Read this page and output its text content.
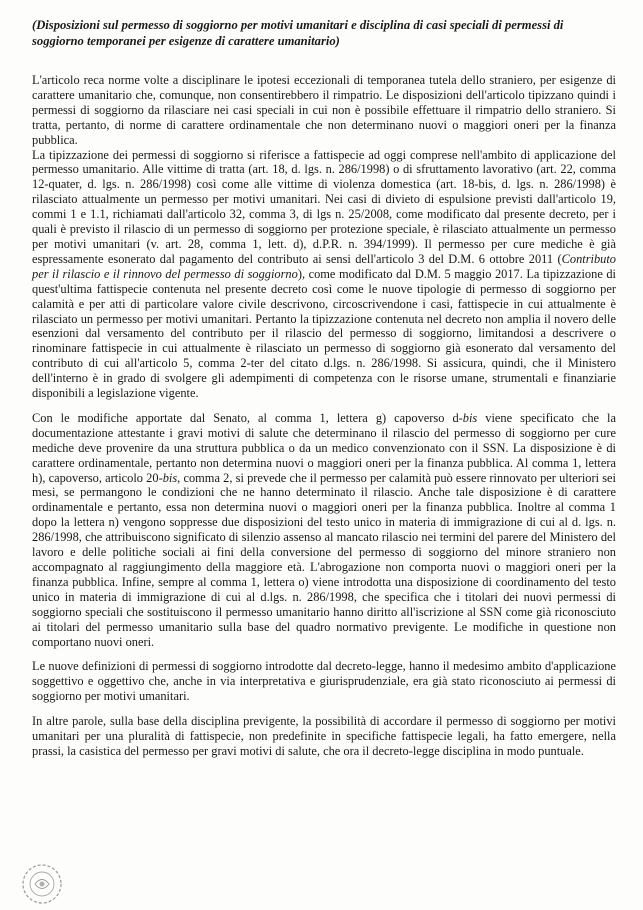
(Disposizioni sul permesso di soggiorno per motivi umanitari e disciplina di casi speciali di permessi di soggiorno temporanei per esigenze di carattere umanitario)

L'articolo reca norme volte a disciplinare le ipotesi eccezionali di temporanea tutela dello straniero, per esigenze di carattere umanitario che, comunque, non consentirebbero il rimpatrio. Le disposizioni dell'articolo tipizzano quindi i permessi di soggiorno da rilasciare nei casi speciali in cui non è possibile effettuare il rimpatrio dello straniero. Si tratta, pertanto, di norme di carattere ordinamentale che non determinano nuovi o maggiori oneri per la finanza pubblica.

La tipizzazione dei permessi di soggiorno si riferisce a fattispecie ad oggi comprese nell'ambito di applicazione del permesso umanitario. Alle vittime di tratta (art. 18, d. lgs. n. 286/1998) o di sfruttamento lavorativo (art. 22, comma 12-quater, d. lgs. n. 286/1998) così come alle vittime di violenza domestica (art. 18-bis, d. lgs. n. 286/1998) è rilasciato attualmente un permesso per motivi umanitari. Nei casi di divieto di espulsione previsti dall'articolo 19, commi 1 e 1.1, richiamati dall'articolo 32, comma 3, di lgs n. 25/2008, come modificato dal presente decreto, per i quali è previsto il rilascio di un permesso di soggiorno per protezione speciale, è rilasciato attualmente un permesso per motivi umanitari (v. art. 28, comma 1, lett. d), d.P.R. n. 394/1999). Il permesso per cure mediche è già espressamente esonerato dal pagamento del contributo ai sensi dell'articolo 3 del D.M. 6 ottobre 2011 (Contributo per il rilascio e il rinnovo del permesso di soggiorno), come modificato dal D.M. 5 maggio 2017. La tipizzazione di quest'ultima fattispecie contenuta nel presente decreto così come le nuove tipologie di permesso di soggiorno per calamità e per atti di particolare valore civile descrivono, circoscrivendone i casi, fattispecie in cui attualmente è rilasciato un permesso per motivi umanitari. Pertanto la tipizzazione contenuta nel decreto non amplia il novero delle esenzioni dal versamento del contributo per il rilascio del permesso di soggiorno, limitandosi a descrivere o rinominare fattispecie in cui attualmente è rilasciato un permesso di soggiorno già esonerato dal versamento del contributo di cui all'articolo 5, comma 2-ter del citato d.lgs. n. 286/1998. Si assicura, quindi, che il Ministero dell'interno è in grado di svolgere gli adempimenti di competenza con le risorse umane, strumentali e finanziarie disponibili a legislazione vigente.

Con le modifiche apportate dal Senato, al comma 1, lettera g) capoverso d-bis viene specificato che la documentazione attestante i gravi motivi di salute che determinano il rilascio del permesso di soggiorno per cure mediche deve provenire da una struttura pubblica o da un medico convenzionato con il SSN. La disposizione è di carattere ordinamentale, pertanto non determina nuovi o maggiori oneri per la finanza pubblica. Al comma 1, lettera h), capoverso, articolo 20-bis, comma 2, si prevede che il permesso per calamità può essere rinnovato per ulteriori sei mesi, se permangono le condizioni che ne hanno determinato il rilascio. Anche tale disposizione è di carattere ordinamentale e pertanto, essa non determina nuovi o maggiori oneri per la finanza pubblica. Inoltre al comma 1 dopo la lettera n) vengono soppresse due disposizioni del testo unico in materia di immigrazione di cui al d. lgs. n. 286/1998, che attribuiscono significato di silenzio assenso al mancato rilascio nei termini del parere del Ministero del lavoro e delle politiche sociali ai fini della conversione del permesso di soggiorno del minore straniero non accompagnato al raggiungimento della maggiore età. L'abrogazione non comporta nuovi o maggiori oneri per la finanza pubblica. Infine, sempre al comma 1, lettera o) viene introdotta una disposizione di coordinamento del testo unico in materia di immigrazione di cui al d.lgs. n. 286/1998, che specifica che i titolari dei nuovi permessi di soggiorno speciali che sostituiscono il permesso umanitario hanno diritto all'iscrizione al SSN come già riconosciuto ai titolari del permesso umanitario sulla base del quadro normativo previgente. Le modifiche in questione non comportano nuovi oneri.

Le nuove definizioni di permessi di soggiorno introdotte dal decreto-legge, hanno il medesimo ambito d'applicazione soggettivo e oggettivo che, anche in via interpretativa e giurisprudenziale, era già stato riconosciuto ai permessi di soggiorno per motivi umanitari.

In altre parole, sulla base della disciplina previgente, la possibilità di accordare il permesso di soggiorno per motivi umanitari per una pluralità di fattispecie, non predefinite in specifiche fattispecie legali, ha fatto emergere, nella prassi, la casistica del permesso per gravi motivi di salute, che ora il decreto-legge disciplina in modo puntuale.
